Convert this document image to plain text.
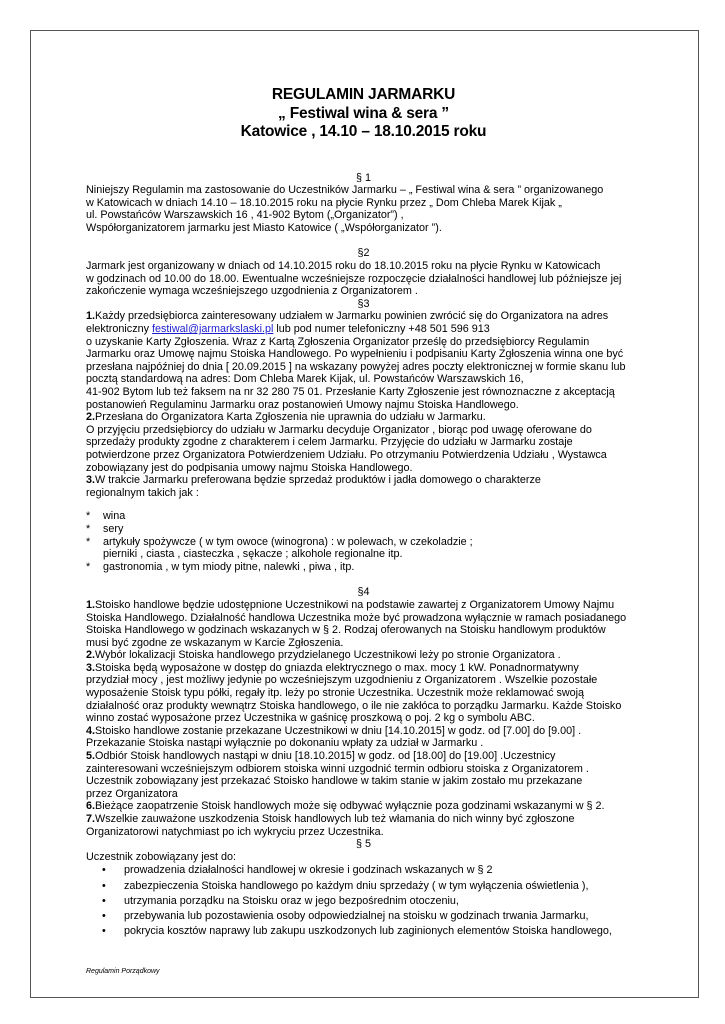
REGULAMIN JARMARKU
„ Festiwal wina & sera ”
Katowice , 14.10 – 18.10.2015 roku
§ 1

Niniejszy Regulamin ma zastosowanie do Uczestników Jarmarku – „ Festiwal wina & sera ” organizowanego

w Katowicach w dniach 14.10 – 18.10.2015 roku na płycie Rynku przez „ Dom Chleba Marek Kijak „

ul. Powstańców Warszawskich 16 , 41-902 Bytom („Organizator”) ,

Współorganizatorem jarmarku jest Miasto Katowice ( „Współorganizator ”).

§2

Jarmark jest organizowany w dniach od 14.10.2015 roku do 18.10.2015 roku na płycie Rynku w Katowicach

w godzinach od 10.00 do 18.00. Ewentualne wcześniejsze rozpoczęcie działalności handlowej lub późniejsze jej

zakończenie wymaga wcześniejszego uzgodnienia z Organizatorem .

§3

1.Każdy przedsiębiorca zainteresowany udziałem w Jarmarku powinien zwrócić się do Organizatora na adres

elektroniczny festiwal@jarmarkslaski.pl lub pod numer telefoniczny +48 501 596 913

o uzyskanie Karty Zgłoszenia. Wraz z Kartą Zgłoszenia Organizator prześlę do przedsiębiorcy Regulamin

Jarmarku oraz Umowę najmu Stoiska Handlowego. Po wypełnieniu i podpisaniu Karty Zgłoszenia winna one być

przesłana najpóźniej do dnia [ 20.09.2015 ] na wskazany powyżej adres poczty elektronicznej w formie skanu lub

pocztą standardową na adres: Dom Chleba Marek Kijak, ul. Powstańców Warszawskich 16,

41-902 Bytom lub też faksem na nr 32 280 75 01. Przesłanie Karty Zgłoszenie jest równoznaczne z akceptacją

postanowień Regulaminu Jarmarku oraz postanowień Umowy najmu Stoiska Handlowego.

2.Przesłana do Organizatora Karta Zgłoszenia nie uprawnia do udziału w Jarmarku.

O przyjęciu przedsiębiorcy do udziału w Jarmarku decyduje Organizator , biorąc pod uwagę oferowane do

sprzedaży produkty zgodne z charakterem i celem Jarmarku. Przyjęcie do udziału w Jarmarku zostaje

potwierdzone przez Organizatora Potwierdzeniem Udziału. Po otrzymaniu Potwierdzenia Udziału , Wystawca

zobowiązany jest do podpisania umowy najmu Stoiska Handlowego.

3.W trakcie Jarmarku preferowana będzie sprzedaż produktów i jadła domowego o charakterze

regionalnym takich jak :

*	wina
*	sery
*	artykuły spożywcze ( w tym owoce (winogrona) : w polewach, w czekoladzie ;
pierniki , ciasta , ciasteczka , sękacze ; alkohole regionalne itp.
*	gastronomia , w tym miody pitne, nalewki , piwa , itp.
§4

1.Stoisko handlowe będzie udostępnione Uczestnikowi na podstawie zawartej z Organizatorem Umowy Najmu

Stoiska Handlowego. Działalność handlowa Uczestnika może być prowadzona wyłącznie w ramach posiadanego

Stoiska Handlowego w godzinach wskazanych w § 2. Rodzaj oferowanych na Stoisku handlowym produktów

musi być zgodne ze wskazanym w Karcie Zgłoszenia.

2.Wybór lokalizacji Stoiska handlowego przydzielanego Uczestnikowi leży po stronie Organizatora .

3.Stoiska będą wyposażone w dostęp do gniazda elektrycznego o max. mocy 1 kW. Ponadnormatywny

przydział mocy , jest możliwy jedynie po wcześniejszym uzgodnieniu z Organizatorem . Wszelkie pozostałe

wyposażenie Stoisk typu półki, regały itp. leży po stronie Uczestnika. Uczestnik może reklamować swoją

działalność oraz produkty wewnątrz Stoiska handlowego, o ile nie zakłóca to porządku Jarmarku. Każde Stoisko

winno zostać wyposażone przez Uczestnika w gaśnicę proszkową o poj. 2 kg o symbolu ABC.

4.Stoisko handlowe zostanie przekazane Uczestnikowi w dniu [14.10.2015] w godz. od [7.00] do [9.00] .

Przekazanie Stoiska nastąpi wyłącznie po dokonaniu wpłaty za udział w Jarmarku .

5.Odbiór Stoisk handlowych nastąpi w dniu [18.10.2015] w godz. od [18.00] do [19.00] .Uczestnicy

zainteresowani wcześniejszym odbiorem stoiska winni uzgodnić termin odbioru stoiska z Organizatorem .

Uczestnik zobowiązany jest przekazać Stoisko handlowe w takim stanie w jakim zostało mu przekazane

przez Organizatora

6.Bieżące zaopatrzenie Stoisk handlowych może się odbywać wyłącznie poza godzinami wskazanymi w § 2.

7.Wszelkie zauważone uszkodzenia Stoisk handlowych lub też włamania do nich winny być zgłoszone

Organizatorowi natychmiast po ich wykryciu przez Uczestnika.

§ 5

Uczestnik zobowiązany jest do:

•	prowadzenia działalności handlowej w okresie i godzinach wskazanych w § 2
•	zabezpieczenia Stoiska handlowego po każdym dniu sprzedaży ( w tym wyłączenia oświetlenia ),
•	utrzymania porządku na Stoisku oraz w jego bezpośrednim otoczeniu,
•	przebywania lub pozostawienia osoby odpowiedzialnej na stoisku w godzinach trwania Jarmarku,
•	pokrycia kosztów naprawy lub zakupu uszkodzonych lub zaginionych elementów Stoiska handlowego,
Regulamin Porządkowy
